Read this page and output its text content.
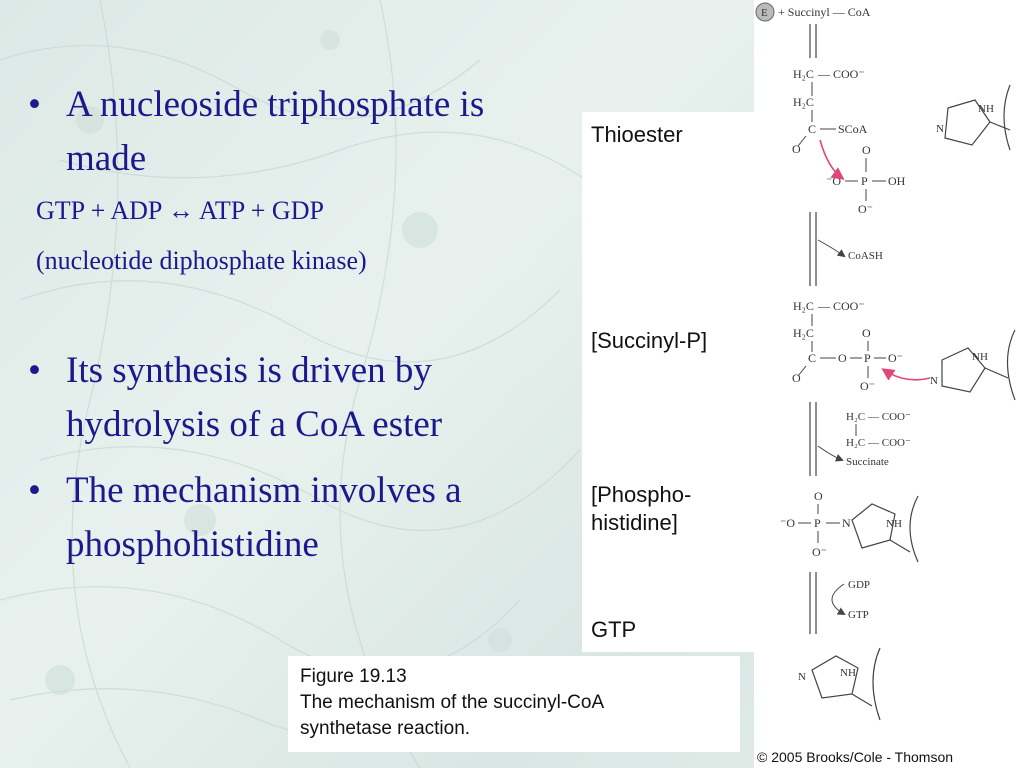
• A nucleoside triphosphate is made
GTP + ADP ↔ ATP + GDP
(nucleotide diphosphate kinase)
• Its synthesis is driven by hydrolysis of a CoA ester
• The mechanism involves a phosphohistidine
Thioester
[Succinyl-P]
[Phospho-
histidine]
GTP
Figure 19.13
The mechanism of the succinyl-CoA
synthetase reaction.
E + Succinyl — CoA
H₂C — COO⁻
H₂C
C SCoA
O	O
⁻O P OH
O⁻
NH
N
CoASH
H₂C — COO⁻
H₂C	O
C O P O⁻
O
O⁻
NH
N
H₂C — COO⁻
H₂C — COO⁻
Succinate
O
⁻O P N
O⁻
NH
GDP
GTP
NH
N
© 2005 Brooks/Cole - Thomson
